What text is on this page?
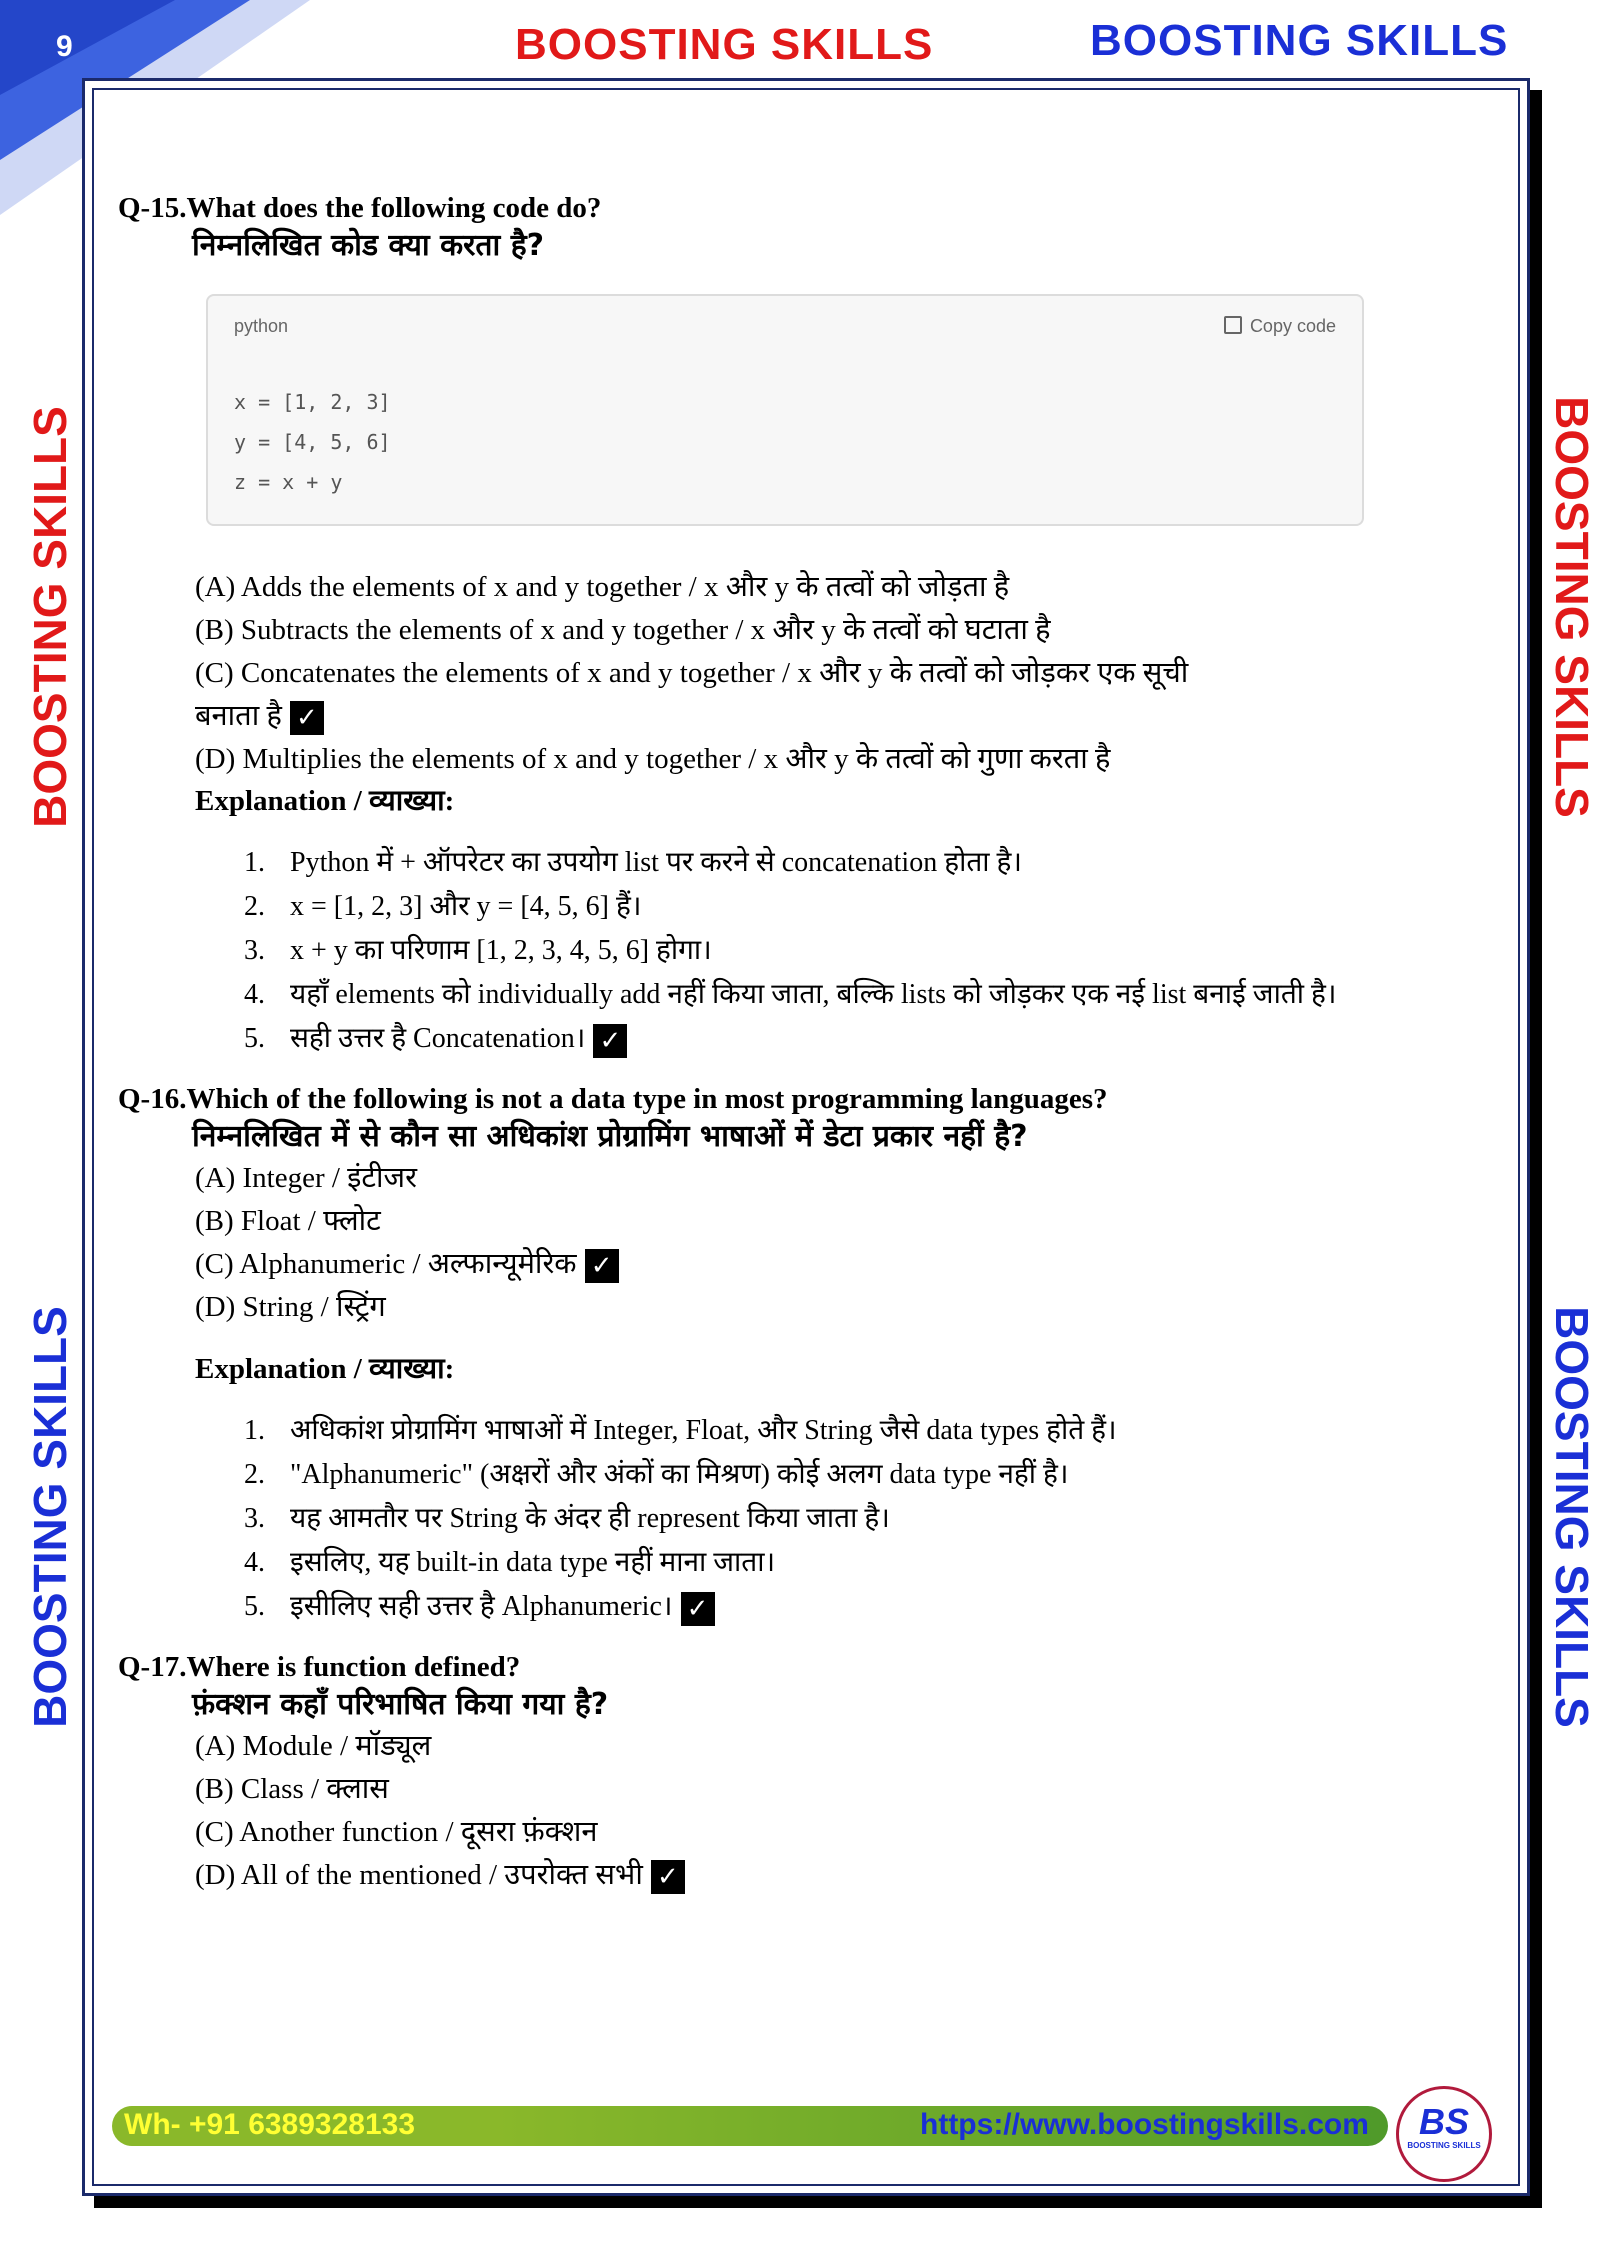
9	BOOSTING SKILLS	BOOSTING SKILLS
BOOSTING SKILLS
BOOSTING SKILLS
BOOSTING SKILLS
BOOSTING SKILLS
Q-15.What does the following code do?
निम्नलिखित कोड क्या करता है?
python	Copy code
x = [1, 2, 3]
y = [4, 5, 6]
z = x + y
(A) Adds the elements of x and y together / x और y के तत्वों को जोड़ता है
(B) Subtracts the elements of x and y together / x और y के तत्वों को घटाता है
(C) Concatenates the elements of x and y together / x और y के तत्वों को जोड़कर एक सूची
बनाता है ✓
(D) Multiplies the elements of x and y together / x और y के तत्वों को गुणा करता है
Explanation / व्याख्या:
1. Python में + ऑपरेटर का उपयोग list पर करने से concatenation होता है।
2. x = [1, 2, 3] और y = [4, 5, 6] हैं।
3. x + y का परिणाम [1, 2, 3, 4, 5, 6] होगा।
4. यहाँ elements को individually add नहीं किया जाता, बल्कि lists को जोड़कर एक नई list बनाई जाती है।
5. सही उत्तर है Concatenation। ✓
Q-16.Which of the following is not a data type in most programming languages?
निम्नलिखित में से कौन सा अधिकांश प्रोग्रामिंग भाषाओं में डेटा प्रकार नहीं है?
(A) Integer / इंटीजर
(B) Float / फ्लोट
(C) Alphanumeric / अल्फान्यूमेरिक ✓
(D) String / स्ट्रिंग
Explanation / व्याख्या:
1. अधिकांश प्रोग्रामिंग भाषाओं में Integer, Float, और String जैसे data types होते हैं।
2. "Alphanumeric" (अक्षरों और अंकों का मिश्रण) कोई अलग data type नहीं है।
3. यह आमतौर पर String के अंदर ही represent किया जाता है।
4. इसलिए, यह built-in data type नहीं माना जाता।
5. इसीलिए सही उत्तर है Alphanumeric। ✓
Q-17.Where is function defined?
फ़ंक्शन कहाँ परिभाषित किया गया है?
(A) Module / मॉड्यूल
(B) Class / क्लास
(C) Another function / दूसरा फ़ंक्शन
(D) All of the mentioned / उपरोक्त सभी ✓
Wh- +91 6389328133	https://www.boostingskills.com	BS
BOOSTING SKILLS
